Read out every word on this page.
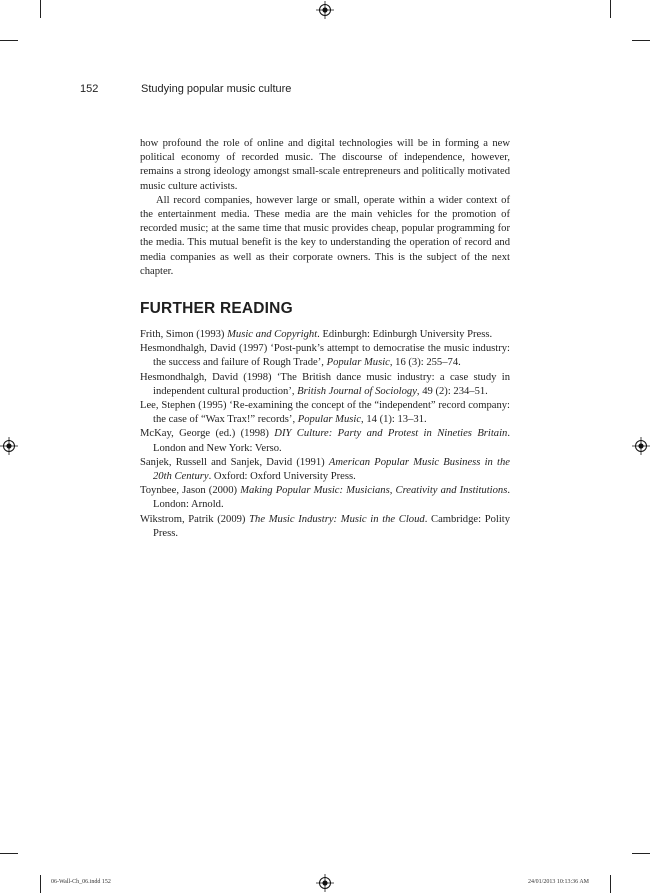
152	Studying popular music culture

how profound the role of online and digital technologies will be in forming a new political economy of recorded music. The discourse of independence, however, remains a strong ideology amongst small-scale entrepreneurs and politically motivated music culture activists.

All record companies, however large or small, operate within a wider context of the entertainment media. These media are the main vehicles for the promotion of recorded music; at the same time that music provides cheap, popular programming for the media. This mutual benefit is the key to understanding the operation of record and media companies as well as their corporate owners. This is the subject of the next chapter.

FURTHER READING
Frith, Simon (1993) Music and Copyright. Edinburgh: Edinburgh University Press.
Hesmondhalgh, David (1997) ‘Post-punk’s attempt to democratise the music industry: the success and failure of Rough Trade’, Popular Music, 16 (3): 255–74.
Hesmondhalgh, David (1998) ‘The British dance music industry: a case study in independent cultural production’, British Journal of Sociology, 49 (2): 234–51.
Lee, Stephen (1995) ‘Re-examining the concept of the “independent” record company: the case of “Wax Trax!” records’, Popular Music, 14 (1): 13–31.
McKay, George (ed.) (1998) DIY Culture: Party and Protest in Nineties Britain. London and New York: Verso.
Sanjek, Russell and Sanjek, David (1991) American Popular Music Business in the 20th Century. Oxford: Oxford University Press.
Toynbee, Jason (2000) Making Popular Music: Musicians, Creativity and Institutions. London: Arnold.
Wikstrom, Patrik (2009) The Music Industry: Music in the Cloud. Cambridge: Polity Press.
06-Wall-Ch_06.indd 152	24/01/2013 10:13:36 AM
